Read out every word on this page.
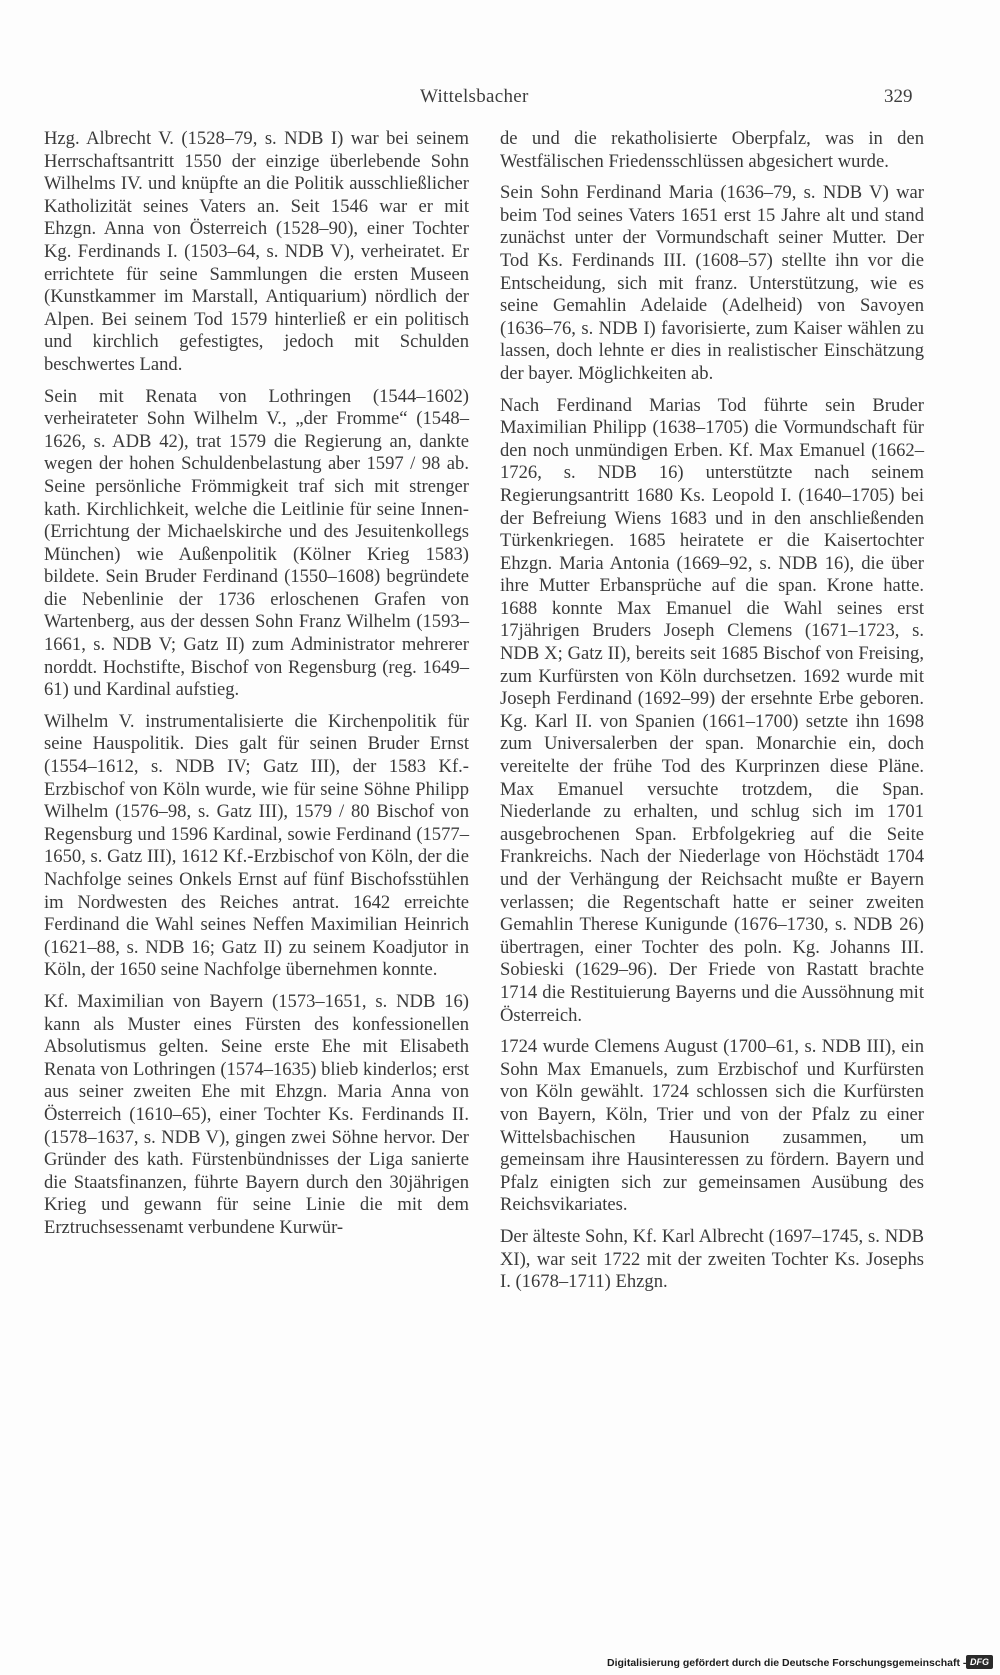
Wittelsbacher	329

Hzg. Albrecht V. (1528–79, s. NDB I) war bei seinem Herrschaftsantritt 1550 der einzige überlebende Sohn Wilhelms IV. und knüpfte an die Politik ausschließlicher Katholizität seines Vaters an. Seit 1546 war er mit Ehzgn. Anna von Österreich (1528–90), einer Tochter Kg. Ferdinands I. (1503–64, s. NDB V), verheiratet. Er errichtete für seine Sammlungen die ersten Museen (Kunstkammer im Marstall, Antiquarium) nördlich der Alpen. Bei seinem Tod 1579 hinterließ er ein politisch und kirchlich gefestigtes, jedoch mit Schulden beschwertes Land.

Sein mit Renata von Lothringen (1544–1602) verheirateter Sohn Wilhelm V., „der Fromme“ (1548–1626, s. ADB 42), trat 1579 die Regierung an, dankte wegen der hohen Schuldenbelastung aber 1597 / 98 ab. Seine persönliche Frömmigkeit traf sich mit strenger kath. Kirchlichkeit, welche die Leitlinie für seine Innen- (Errichtung der Michaelskirche und des Jesuitenkollegs München) wie Außenpolitik (Kölner Krieg 1583) bildete. Sein Bruder Ferdinand (1550–1608) begründete die Nebenlinie der 1736 erloschenen Grafen von Wartenberg, aus der dessen Sohn Franz Wilhelm (1593–1661, s. NDB V; Gatz II) zum Administrator mehrerer norddt. Hochstifte, Bischof von Regensburg (reg. 1649–61) und Kardinal aufstieg.

Wilhelm V. instrumentalisierte die Kirchenpolitik für seine Hauspolitik. Dies galt für seinen Bruder Ernst (1554–1612, s. NDB IV; Gatz III), der 1583 Kf.-Erzbischof von Köln wurde, wie für seine Söhne Philipp Wilhelm (1576–98, s. Gatz III), 1579 / 80 Bischof von Regensburg und 1596 Kardinal, sowie Ferdinand (1577–1650, s. Gatz III), 1612 Kf.-Erzbischof von Köln, der die Nachfolge seines Onkels Ernst auf fünf Bischofsstühlen im Nordwesten des Reiches antrat. 1642 erreichte Ferdinand die Wahl seines Neffen Maximilian Heinrich (1621–88, s. NDB 16; Gatz II) zu seinem Koadjutor in Köln, der 1650 seine Nachfolge übernehmen konnte.

Kf. Maximilian von Bayern (1573–1651, s. NDB 16) kann als Muster eines Fürsten des konfessionellen Absolutismus gelten. Seine erste Ehe mit Elisabeth Renata von Lothringen (1574–1635) blieb kinderlos; erst aus seiner zweiten Ehe mit Ehzgn. Maria Anna von Österreich (1610–65), einer Tochter Ks. Ferdinands II. (1578–1637, s. NDB V), gingen zwei Söhne hervor. Der Gründer des kath. Fürstenbündnisses der Liga sanierte die Staatsfinanzen, führte Bayern durch den 30jährigen Krieg und gewann für seine Linie die mit dem Erztruchsessenamt verbundene Kurwür-

de und die rekatholisierte Oberpfalz, was in den Westfälischen Friedensschlüssen abgesichert wurde.

Sein Sohn Ferdinand Maria (1636–79, s. NDB V) war beim Tod seines Vaters 1651 erst 15 Jahre alt und stand zunächst unter der Vormundschaft seiner Mutter. Der Tod Ks. Ferdinands III. (1608–57) stellte ihn vor die Entscheidung, sich mit franz. Unterstützung, wie es seine Gemahlin Adelaide (Adelheid) von Savoyen (1636–76, s. NDB I) favorisierte, zum Kaiser wählen zu lassen, doch lehnte er dies in realistischer Einschätzung der bayer. Möglichkeiten ab.

Nach Ferdinand Marias Tod führte sein Bruder Maximilian Philipp (1638–1705) die Vormundschaft für den noch unmündigen Erben. Kf. Max Emanuel (1662–1726, s. NDB 16) unterstützte nach seinem Regierungsantritt 1680 Ks. Leopold I. (1640–1705) bei der Befreiung Wiens 1683 und in den anschließenden Türkenkriegen. 1685 heiratete er die Kaisertochter Ehzgn. Maria Antonia (1669–92, s. NDB 16), die über ihre Mutter Erbansprüche auf die span. Krone hatte. 1688 konnte Max Emanuel die Wahl seines erst 17jährigen Bruders Joseph Clemens (1671–1723, s. NDB X; Gatz II), bereits seit 1685 Bischof von Freising, zum Kurfürsten von Köln durchsetzen. 1692 wurde mit Joseph Ferdinand (1692–99) der ersehnte Erbe geboren. Kg. Karl II. von Spanien (1661–1700) setzte ihn 1698 zum Universalerben der span. Monarchie ein, doch vereitelte der frühe Tod des Kurprinzen diese Pläne. Max Emanuel versuchte trotzdem, die Span. Niederlande zu erhalten, und schlug sich im 1701 ausgebrochenen Span. Erbfolgekrieg auf die Seite Frankreichs. Nach der Niederlage von Höchstädt 1704 und der Verhängung der Reichsacht mußte er Bayern verlassen; die Regentschaft hatte er seiner zweiten Gemahlin Therese Kunigunde (1676–1730, s. NDB 26) übertragen, einer Tochter des poln. Kg. Johanns III. Sobieski (1629–96). Der Friede von Rastatt brachte 1714 die Restituierung Bayerns und die Aussöhnung mit Österreich.

1724 wurde Clemens August (1700–61, s. NDB III), ein Sohn Max Emanuels, zum Erzbischof und Kurfürsten von Köln gewählt. 1724 schlossen sich die Kurfürsten von Bayern, Köln, Trier und von der Pfalz zu einer Wittelsbachischen Hausunion zusammen, um gemeinsam ihre Hausinteressen zu fördern. Bayern und Pfalz einigten sich zur gemeinsamen Ausübung des Reichsvikariates.

Der älteste Sohn, Kf. Karl Albrecht (1697–1745, s. NDB XI), war seit 1722 mit der zweiten Tochter Ks. Josephs I. (1678–1711) Ehzgn.

Digitalisierung gefördert durch die Deutsche Forschungsgemeinschaft - DFG
